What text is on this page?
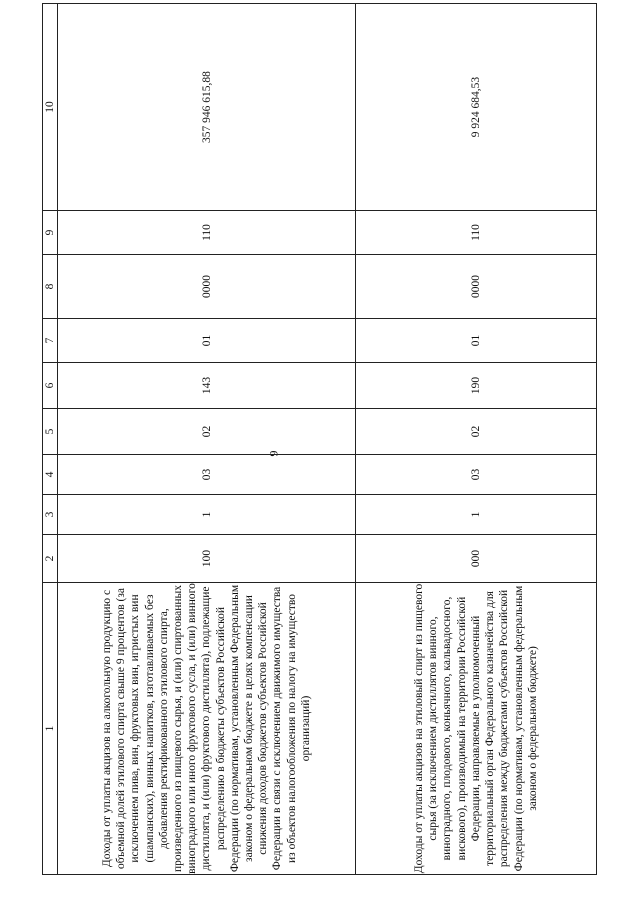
9
1	2	3	4	5	6	7	8	9	10
Доходы от уплаты акцизов на алкогольную продукцию с объемной долей этилового спирта свыше 9 процентов (за исключением пива, вин, фруктовых вин, игристых вин (шампанских), винных напитков, изготавливаемых без добавления ректификованного этилового спирта, произведенного из пищевого сырья, и (или) спиртованных виноградного или иного фруктового сусла, и (или) винного дистиллята, и (или) фруктового дистиллята), подлежащие распределению в бюджеты субъектов Российской Федерации (по нормативам, установленным Федеральным законом о федеральном бюджете в целях компенсации снижения доходов бюджетов субъектов Российской Федерации в связи с исключением движимого имущества из объектов налогообложения по налогу на имущество организаций)	100	1	03	02	143	01	0000	110	357 946 615,88
Доходы от уплаты акцизов на этиловый спирт из пищевого сырья (за исключением дистиллятов винного, виноградного, плодового, коньячного, кальвадосного, вискового), производимый на территории Российской Федерации, направляемые в уполномоченный территориальный орган Федерального казначейства для распределения между бюджетами субъектов Российской Федерации (по нормативам, установленным федеральным законом о федеральном бюджете)	000	1	03	02	190	01	0000	110	9 924 684,53
